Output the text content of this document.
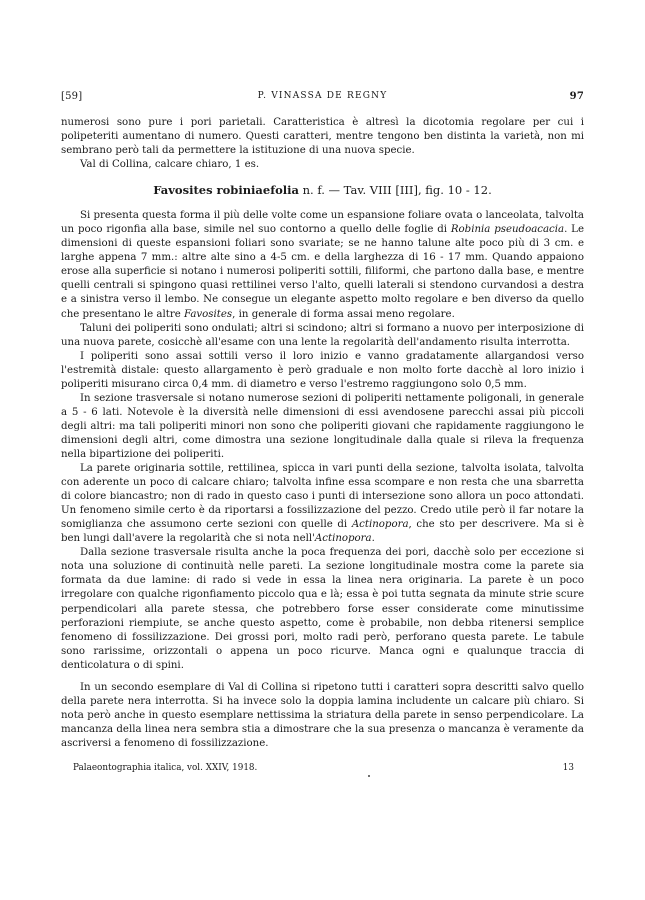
[59]	P. VINASSA DE REGNY	97

numerosi sono pure i pori parietali. Caratteristica è altresì la dicotomia regolare per cui i polipeteriti aumentano di numero. Questi caratteri, mentre tengono ben distinta la varietà, non mi sembrano però tali da permettere la istituzione di una nuova specie.

Val di Collina, calcare chiaro, 1 es.

Favosites robiniaefolia n. f. — Tav. VIII [III], fig. 10 - 12.

Si presenta questa forma il più delle volte come un espansione foliare ovata o lanceolata, talvolta un poco rigonfia alla base, simile nel suo contorno a quello delle foglie di Robinia pseudoacacia. Le dimensioni di queste espansioni foliari sono svariate; se ne hanno talune alte poco più di 3 cm. e larghe appena 7 mm.: altre alte sino a 4-5 cm. e della larghezza di 16 - 17 mm. Quando appaiono erose alla superficie si notano i numerosi poliperiti sottili, filiformi, che partono dalla base, e mentre quelli centrali si spingono quasi rettilinei verso l'alto, quelli laterali si stendono curvandosi a destra e a sinistra verso il lembo. Ne consegue un elegante aspetto molto regolare e ben diverso da quello che presentano le altre Favosites, in generale di forma assai meno regolare.

Taluni dei poliperiti sono ondulati; altri si scindono; altri si formano a nuovo per interposizione di una nuova parete, cosicchè all'esame con una lente la regolarità dell'andamento risulta interrotta.

I poliperiti sono assai sottili verso il loro inizio e vanno gradatamente allargandosi verso l'estremità distale: questo allargamento è però graduale e non molto forte dacchè al loro inizio i poliperiti misurano circa 0,4 mm. di diametro e verso l'estremo raggiungono solo 0,5 mm.

In sezione trasversale si notano numerose sezioni di poliperiti nettamente poligonali, in generale a 5 - 6 lati. Notevole è la diversità nelle dimensioni di essi avendosene parecchi assai più piccoli degli altri: ma tali poliperiti minori non sono che poliperiti giovani che rapidamente raggiungono le dimensioni degli altri, come dimostra una sezione longitudinale dalla quale si rileva la frequenza nella bipartizione dei poliperiti.

La parete originaria sottile, rettilinea, spicca in vari punti della sezione, talvolta isolata, talvolta con aderente un poco di calcare chiaro; talvolta infine essa scompare e non resta che una sbarretta di colore biancastro; non di rado in questo caso i punti di intersezione sono allora un poco attondati. Un fenomeno simile certo è da riportarsi a fossilizzazione del pezzo. Credo utile però il far notare la somiglianza che assumono certe sezioni con quelle di Actinopora, che sto per descrivere. Ma si è ben lungi dall'avere la regolarità che si nota nell'Actinopora.

Dalla sezione trasversale risulta anche la poca frequenza dei pori, dacchè solo per eccezione si nota una soluzione di continuità nelle pareti. La sezione longitudinale mostra come la parete sia formata da due lamine: di rado si vede in essa la linea nera originaria. La parete è un poco irregolare con qualche rigonfiamento piccolo qua e là; essa è poi tutta segnata da minute strie scure perpendicolari alla parete stessa, che potrebbero forse esser considerate come minutissime perforazioni riempiute, se anche questo aspetto, come è probabile, non debba ritenersi semplice fenomeno di fossilizzazione. Dei grossi pori, molto radi però, perforano questa parete. Le tabule sono rarissime, orizzontali o appena un poco ricurve. Manca ogni e qualunque traccia di denticolatura o di spini.

In un secondo esemplare di Val di Collina si ripetono tutti i caratteri sopra descritti salvo quello della parete nera interrotta. Si ha invece solo la doppia lamina includente un calcare più chiaro. Si nota però anche in questo esemplare nettissima la striatura della parete in senso perpendicolare. La mancanza della linea nera sembra stia a dimostrare che la sua presenza o mancanza è veramente da ascriversi a fenomeno di fossilizzazione.

Palaeontographia italica, vol. XXIV, 1918.	13
